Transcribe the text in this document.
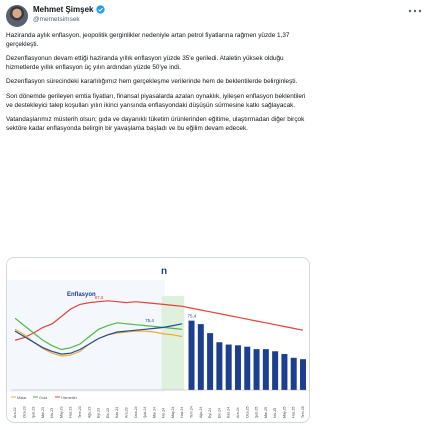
Mehmet Şimşek
@memetsimsek

Haziranda aylık enflasyon, jeopolitik gerginlikler nedeniyle artan petrol fiyatlarına rağmen yüzde 1,37 gerçekleşti.

Dezenflasyonun devam ettiği haziranda yıllık enflasyon yüzde 35'e geriledi. Ataletin yüksek olduğu hizmetlerde yıllık enflasyon üç yılın ardından yüzde 50'ye indi.

Dezenflasyon sürecindeki kararlılığımız hem gerçekleşme verilerinde hem de beklentilerde belirginleşti.

Son dönemde gerileyen emtia fiyatları, finansal piyasalarda azalan oynaklık, iyileşen enflasyon beklentileri ve destekleyici talep koşulları yılın ikinci yarısında enflasyondaki düşüşün sürmesine katkı sağlayacak.

Vatandaşlarımız müsterih olsun; gıda ve dayanıklı tüketim ürünlerinden eğitime, ulaştırmadan diğer birçok sektöre kadar enflasyonda belirgin bir yavaşlama başladı ve bu eğilim devam edecek.

n
Enflasyon
97,6
75,4
75,4
Malar	Gıda	Hizmetler
Ara.22 Oca.23 Şub.23 Mar.23 Nis.23 May.23 Haz.23 Tem.23 Ağu.23 Eyl.23 Eki.23 Kas.23 Ara.23 Oca.24 Şub.24 Mar.24 Nis.24 May.24 Haz.24 Tem.24 Ağu.24 Eyl.24 Eki.24 Kas.24 Ara.24 Oca.25 Şub.25 Mar.25 Nis.25 May.25 Haz.25 Tem.25
